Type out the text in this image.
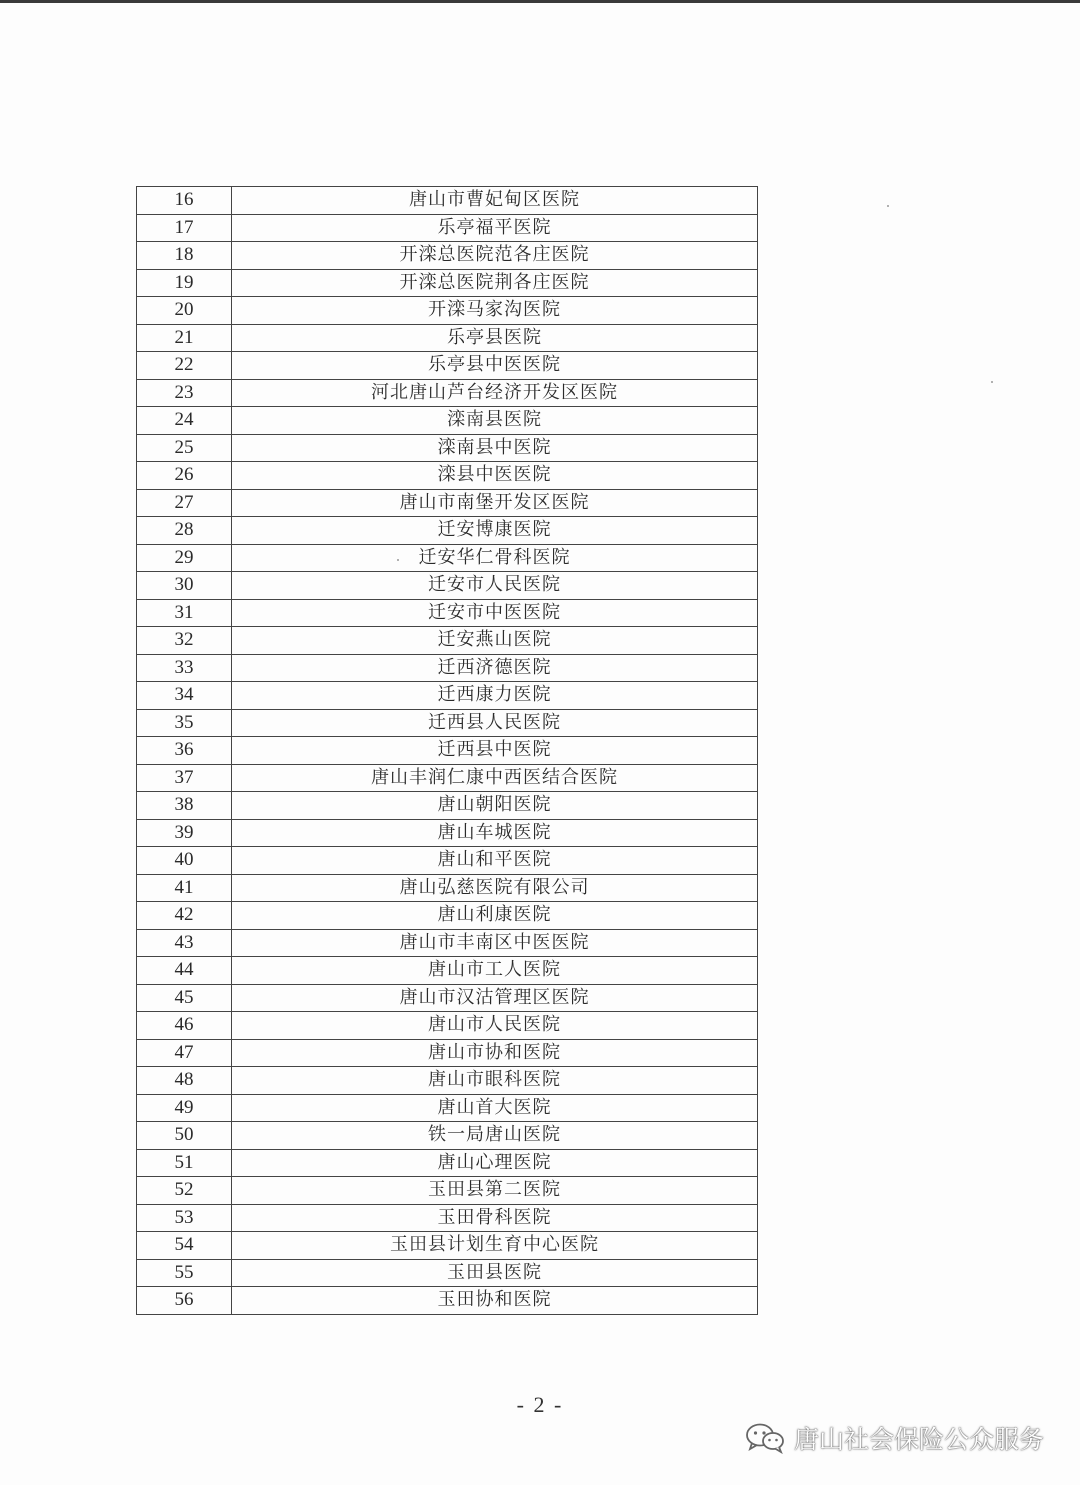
16	唐山市曹妃甸区医院
17	乐亭福平医院
18	开滦总医院范各庄医院
19	开滦总医院荆各庄医院
20	开滦马家沟医院
21	乐亭县医院
22	乐亭县中医医院
23	河北唐山芦台经济开发区医院
24	滦南县医院
25	滦南县中医院
26	滦县中医医院
27	唐山市南堡开发区医院
28	迁安博康医院
29	迁安华仁骨科医院
30	迁安市人民医院
31	迁安市中医医院
32	迁安燕山医院
33	迁西济德医院
34	迁西康力医院
35	迁西县人民医院
36	迁西县中医院
37	唐山丰润仁康中西医结合医院
38	唐山朝阳医院
39	唐山车城医院
40	唐山和平医院
41	唐山弘慈医院有限公司
42	唐山利康医院
43	唐山市丰南区中医医院
44	唐山市工人医院
45	唐山市汉沽管理区医院
46	唐山市人民医院
47	唐山市协和医院
48	唐山市眼科医院
49	唐山首大医院
50	铁一局唐山医院
51	唐山心理医院
52	玉田县第二医院
53	玉田骨科医院
54	玉田县计划生育中心医院
55	玉田县医院
56	玉田协和医院
- 2 -
唐山社会保险公众服务
